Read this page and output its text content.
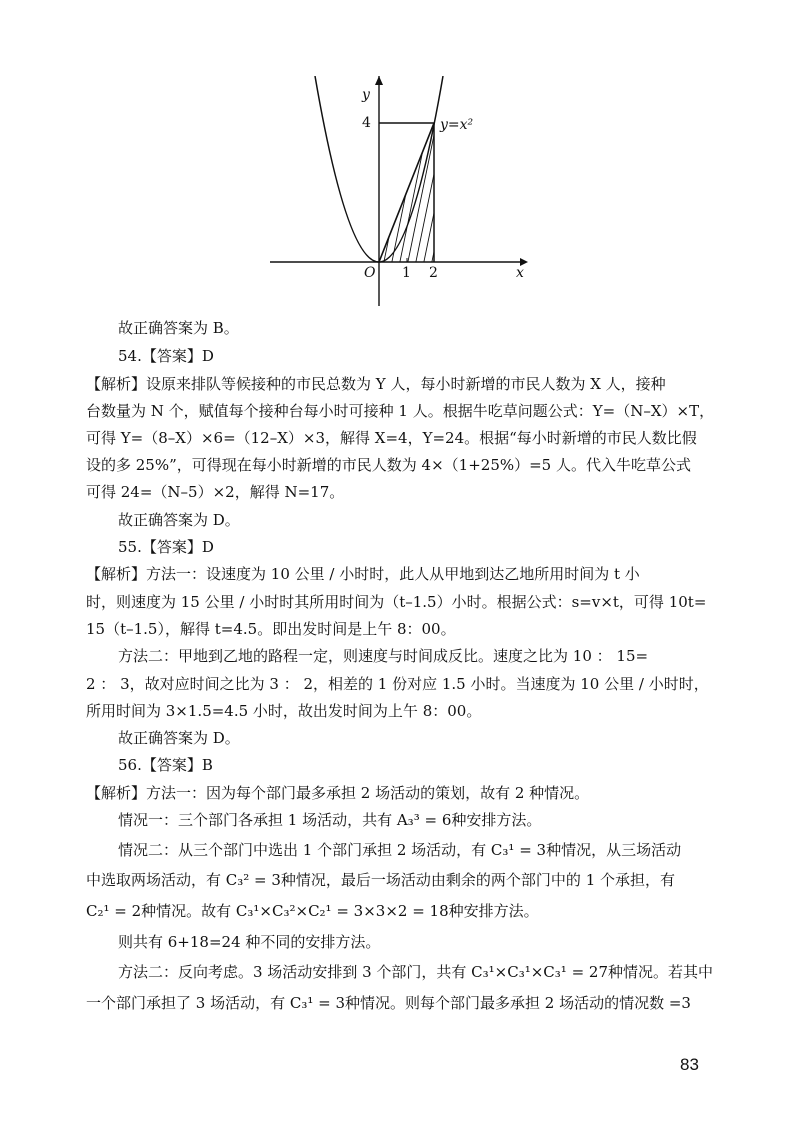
y
4	y=x²
O 1 2	x
故正确答案为 B。
54.【答案】D
【解析】设原来排队等候接种的市民总数为 Y 人，每小时新增的市民人数为 X 人，接种
台数量为 N 个，赋值每个接种台每小时可接种 1 人。根据牛吃草问题公式：Y=（N–X）×T，
可得 Y=（8–X）×6=（12–X）×3，解得 X=4，Y=24。根据“每小时新增的市民人数比假
设的多 25%”，可得现在每小时新增的市民人数为 4×（1+25%）=5 人。代入牛吃草公式
可得 24=（N–5）×2，解得 N=17。
故正确答案为 D。
55.【答案】D
【解析】方法一：设速度为 10 公里 / 小时时，此人从甲地到达乙地所用时间为 t 小
时，则速度为 15 公里 / 小时时其所用时间为（t–1.5）小时。根据公式：s=v×t，可得 10t=
15（t–1.5），解得 t=4.5。即出发时间是上午 8：00。
方法二：甲地到乙地的路程一定，则速度与时间成反比。速度之比为 10 ： 15=
2 ： 3，故对应时间之比为 3 ： 2，相差的 1 份对应 1.5 小时。当速度为 10 公里 / 小时时，
所用时间为 3×1.5=4.5 小时，故出发时间为上午 8：00。
故正确答案为 D。
56.【答案】B
【解析】方法一：因为每个部门最多承担 2 场活动的策划，故有 2 种情况。
情况一：三个部门各承担 1 场活动，共有 A₃³ = 6种安排方法。
情况二：从三个部门中选出 1 个部门承担 2 场活动，有 C₃¹ = 3种情况，从三场活动
中选取两场活动，有 C₃² = 3种情况，最后一场活动由剩余的两个部门中的 1 个承担，有
C₂¹ = 2种情况。故有 C₃¹×C₃²×C₂¹ = 3×3×2 = 18种安排方法。
则共有 6+18=24 种不同的安排方法。
方法二：反向考虑。3 场活动安排到 3 个部门，共有 C₃¹×C₃¹×C₃¹ = 27种情况。若其中
一个部门承担了 3 场活动，有 C₃¹ = 3种情况。则每个部门最多承担 2 场活动的情况数 =3
83
